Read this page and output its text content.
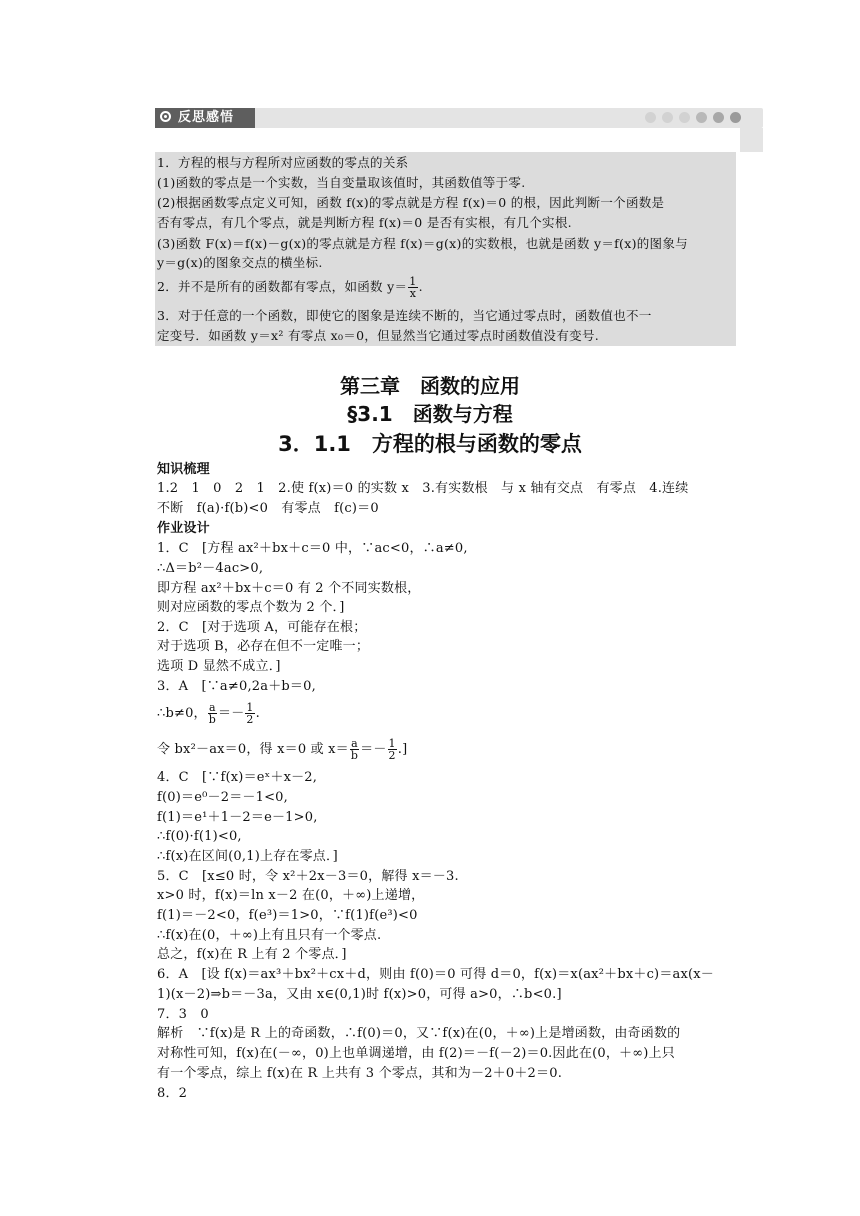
反思感悟
1．方程的根与方程所对应函数的零点的关系
(1)函数的零点是一个实数，当自变量取该值时，其函数值等于零.
(2)根据函数零点定义可知，函数 f(x)的零点就是方程 f(x)＝0 的根，因此判断一个函数是
否有零点，有几个零点，就是判断方程 f(x)＝0 是否有实根，有几个实根.
(3)函数 F(x)＝f(x)－g(x)的零点就是方程 f(x)＝g(x)的实数根，也就是函数 y＝f(x)的图象与
y＝g(x)的图象交点的横坐标.
2．并不是所有的函数都有零点，如函数 $y= \frac{1}{x}$ .
3．对于任意的一个函数，即使它的图象是连续不断的，当它通过零点时，函数值也不一
定变号．如函数 y＝x² 有零点 x₀＝0，但显然当它通过零点时函数值没有变号.
第三章　函数的应用
§3.1　函数与方程
3．1.1　方程的根与函数的零点
知识梳理
1.2　1　0　2　1　2.使 f(x)＝0 的实数 x　3.有实数根　与 x 轴有交点　有零点　4.连续
不断　f(a)·f(b)<0　有零点　f(c)＝0
作业设计
1．C　[方程 ax²＋bx＋c＝0 中，∵ac<0，∴a≠0,
∴Δ＝b²－4ac>0,
即方程 ax²＋bx＋c＝0 有 2 个不同实数根，
则对应函数的零点个数为 2 个．]
2．C　[对于选项 A，可能存在根；
对于选项 B，必存在但不一定唯一；
选项 D 显然不成立．]
3．A　[∵a≠0,2a＋b＝0,
∴b≠0， $\frac{a}{b} =- \frac{1}{2}$ .
令 bx²－ax＝0，得 x＝0 或 $x= \frac{a}{b} =- \frac{1}{2}$ .]
4．C　[∵f(x)＝eˣ＋x－2,
f(0)＝e⁰－2＝－1<0,
f(1)＝e¹＋1－2＝e－1>0,
∴f(0)·f(1)<0,
∴f(x)在区间(0,1)上存在零点．]
5．C　[x≤0 时，令 x²＋2x－3＝0，解得 x＝－3.
x>0 时，f(x)＝ln x－2 在(0，＋∞)上递增，
f(1)＝－2<0，f(e³)＝1>0，∵f(1)f(e³)<0
∴f(x)在(0，＋∞)上有且只有一个零点.
总之，f(x)在 R 上有 2 个零点．]
6．A　[设 f(x)＝ax³＋bx²＋cx＋d，则由 f(0)＝0 可得 d＝0，f(x)＝x(ax²＋bx＋c)＝ax(x－
1)(x－2)⇒b＝－3a，又由 x∈(0,1)时 f(x)>0，可得 a>0，∴b<0.]
7．3　0
解析　∵f(x)是 R 上的奇函数，∴f(0)＝0，又∵f(x)在(0，＋∞)上是增函数，由奇函数的
对称性可知，f(x)在(－∞，0)上也单调递增，由 f(2)＝－f(－2)＝0.因此在(0，＋∞)上只
有一个零点，综上 f(x)在 R 上共有 3 个零点，其和为－2＋0＋2＝0.
8．2
